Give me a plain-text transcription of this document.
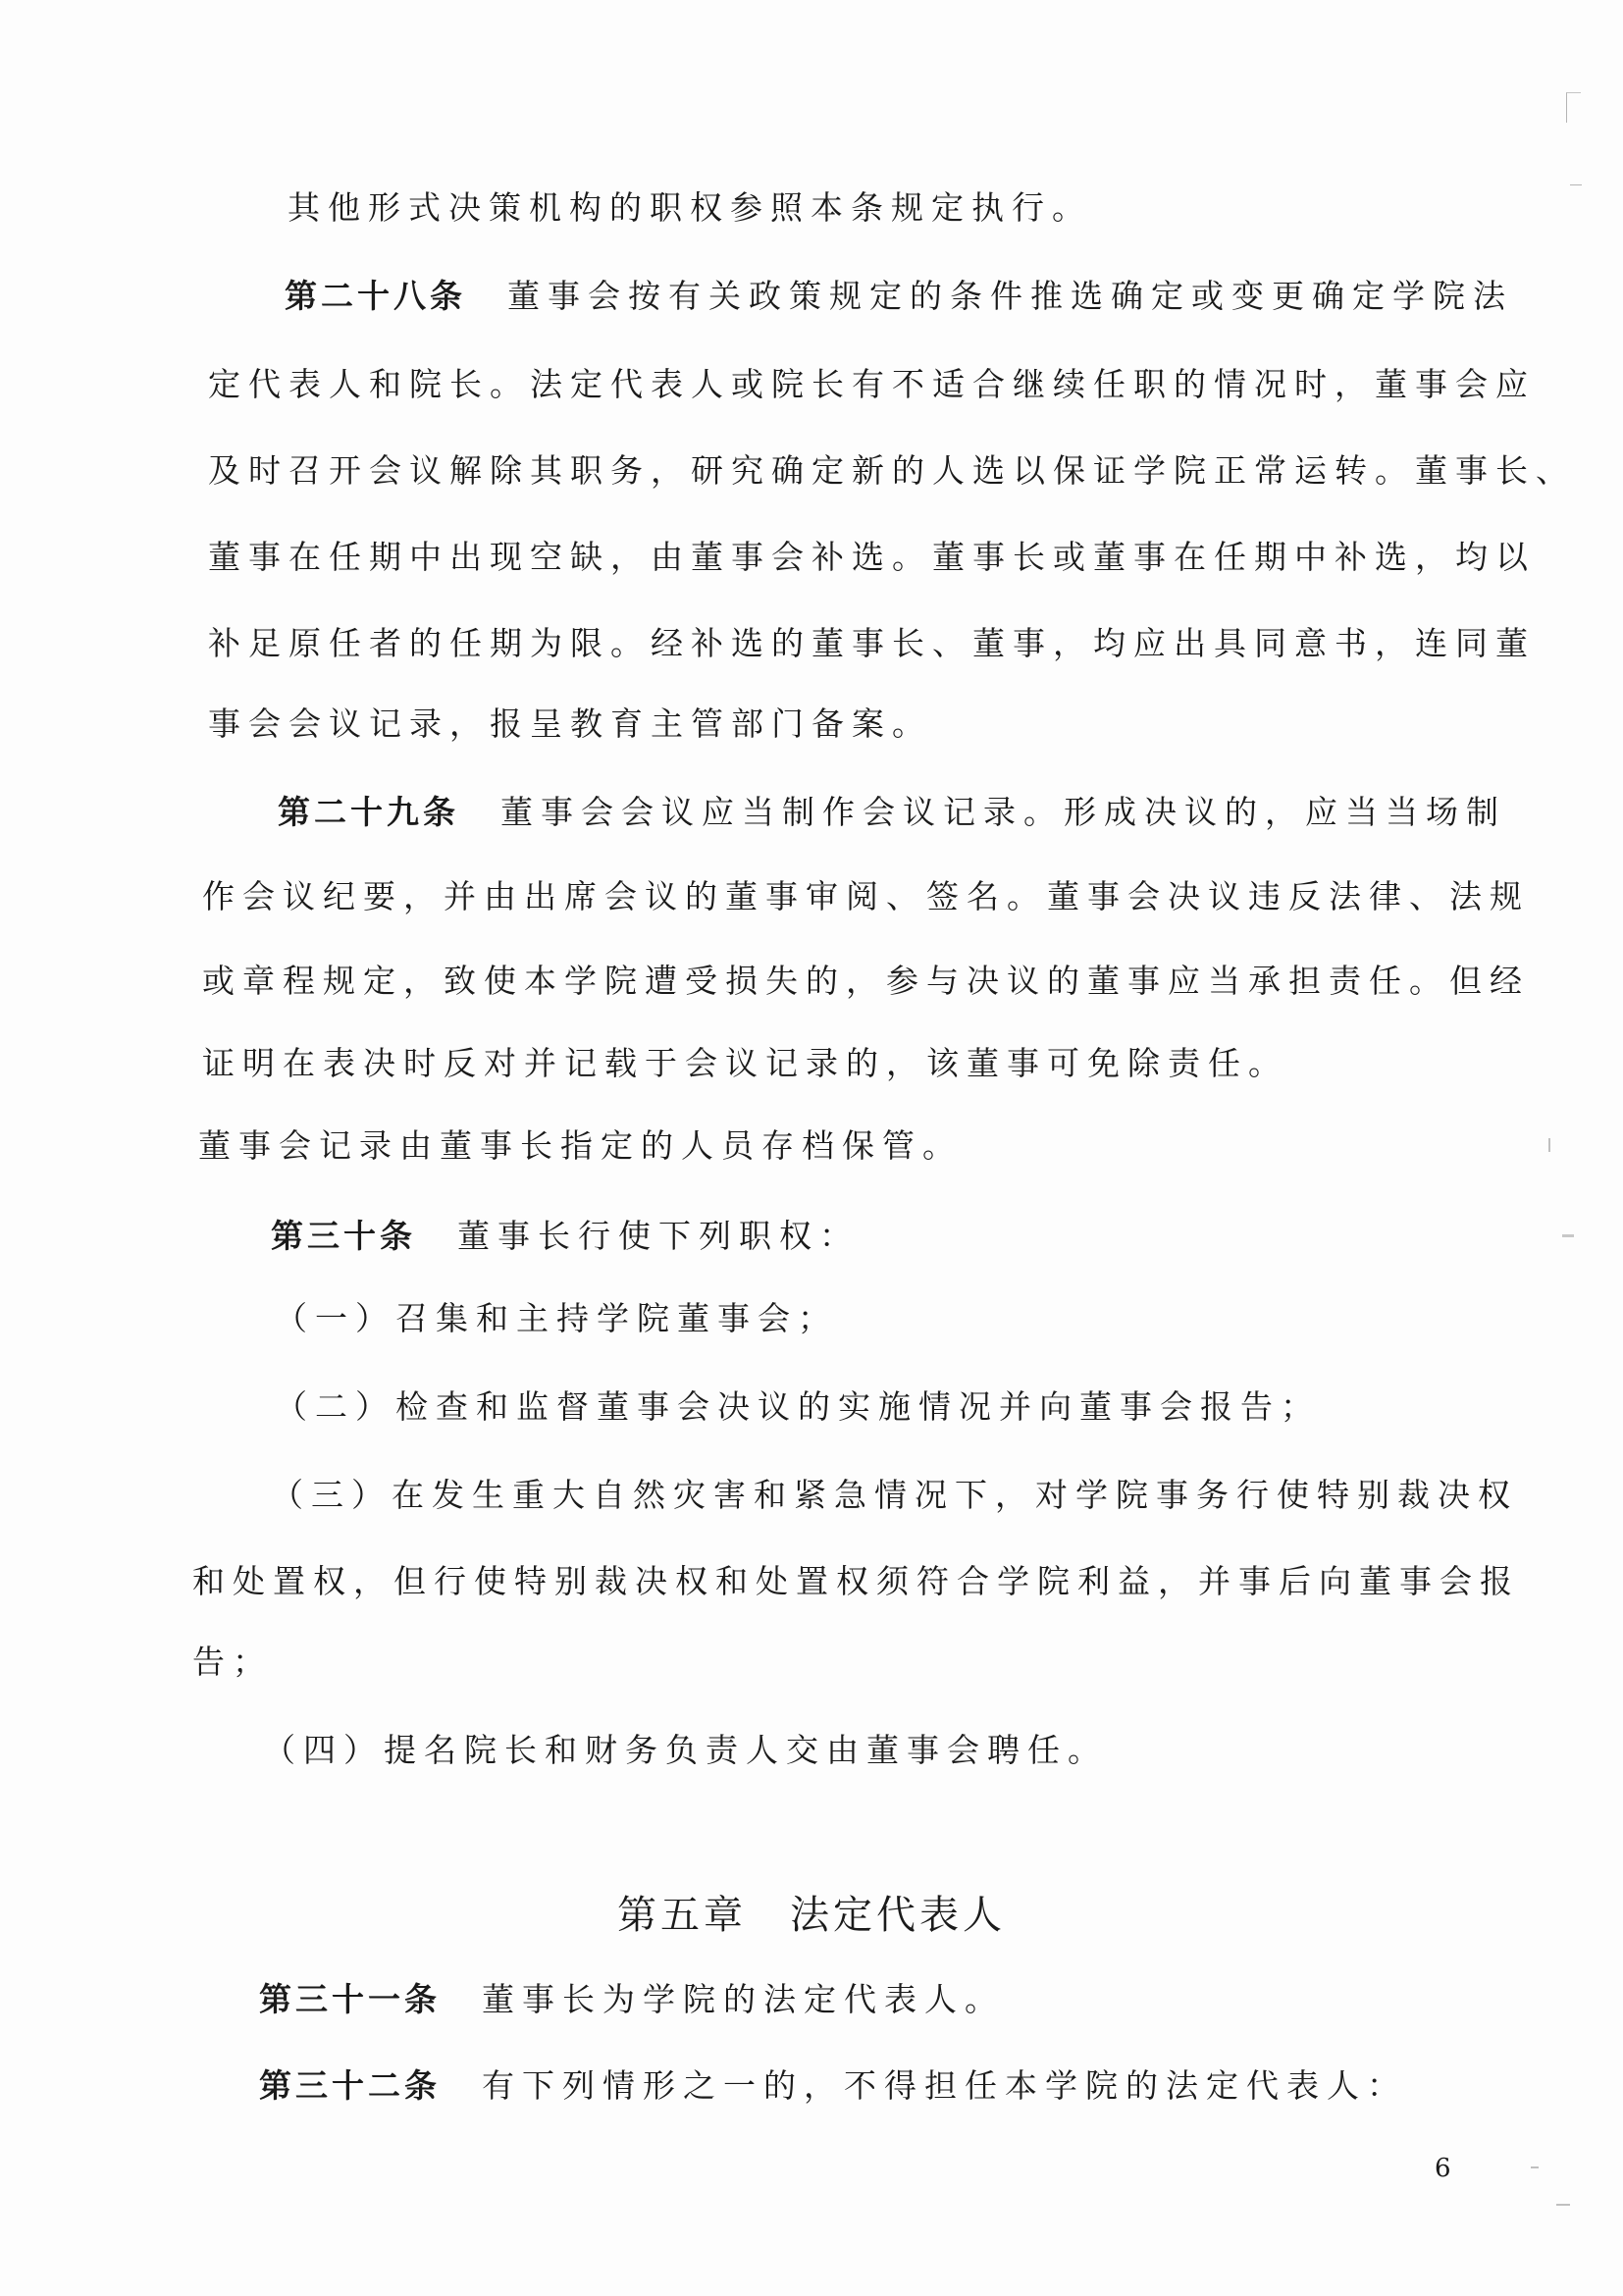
其他形式决策机构的职权参照本条规定执行。
第二十八条 董事会按有关政策规定的条件推选确定或变更确定学院法
定代表人和院长。法定代表人或院长有不适合继续任职的情况时，董事会应
及时召开会议解除其职务，研究确定新的人选以保证学院正常运转。董事长、
董事在任期中出现空缺，由董事会补选。董事长或董事在任期中补选，均以
补足原任者的任期为限。经补选的董事长、董事，均应出具同意书，连同董
事会会议记录，报呈教育主管部门备案。
第二十九条 董事会会议应当制作会议记录。形成决议的，应当当场制
作会议纪要，并由出席会议的董事审阅、签名。董事会决议违反法律、法规
或章程规定，致使本学院遭受损失的，参与决议的董事应当承担责任。但经
证明在表决时反对并记载于会议记录的，该董事可免除责任。
董事会记录由董事长指定的人员存档保管。
第三十条 董事长行使下列职权：
（一）召集和主持学院董事会；
（二）检查和监督董事会决议的实施情况并向董事会报告；
（三）在发生重大自然灾害和紧急情况下，对学院事务行使特别裁决权
和处置权，但行使特别裁决权和处置权须符合学院利益，并事后向董事会报
告；
（四）提名院长和财务负责人交由董事会聘任。
第五章 法定代表人
第三十一条 董事长为学院的法定代表人。
第三十二条 有下列情形之一的，不得担任本学院的法定代表人：
6
